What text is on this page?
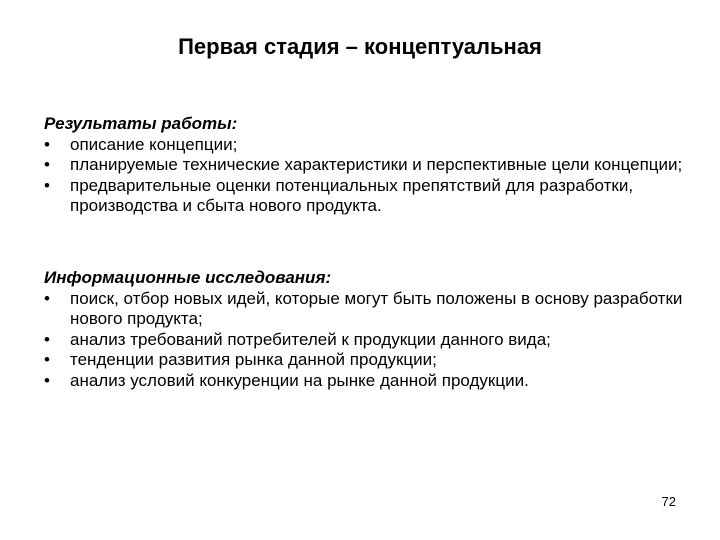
Первая стадия – концептуальная

Результаты работы:

•	описание концепции;
•	планируемые технические характеристики и перспективные цели концепции;
•	предварительные оценки потенциальных препятствий для разработки, производства и сбыта нового продукта.

Информационные исследования:

•	поиск, отбор новых идей, которые могут быть положены в основу разработки нового продукта;
•	анализ требований потребителей к продукции данного вида;
•	тенденции развития рынка данной продукции;
•	анализ условий конкуренции на рынке данной продукции.
72
